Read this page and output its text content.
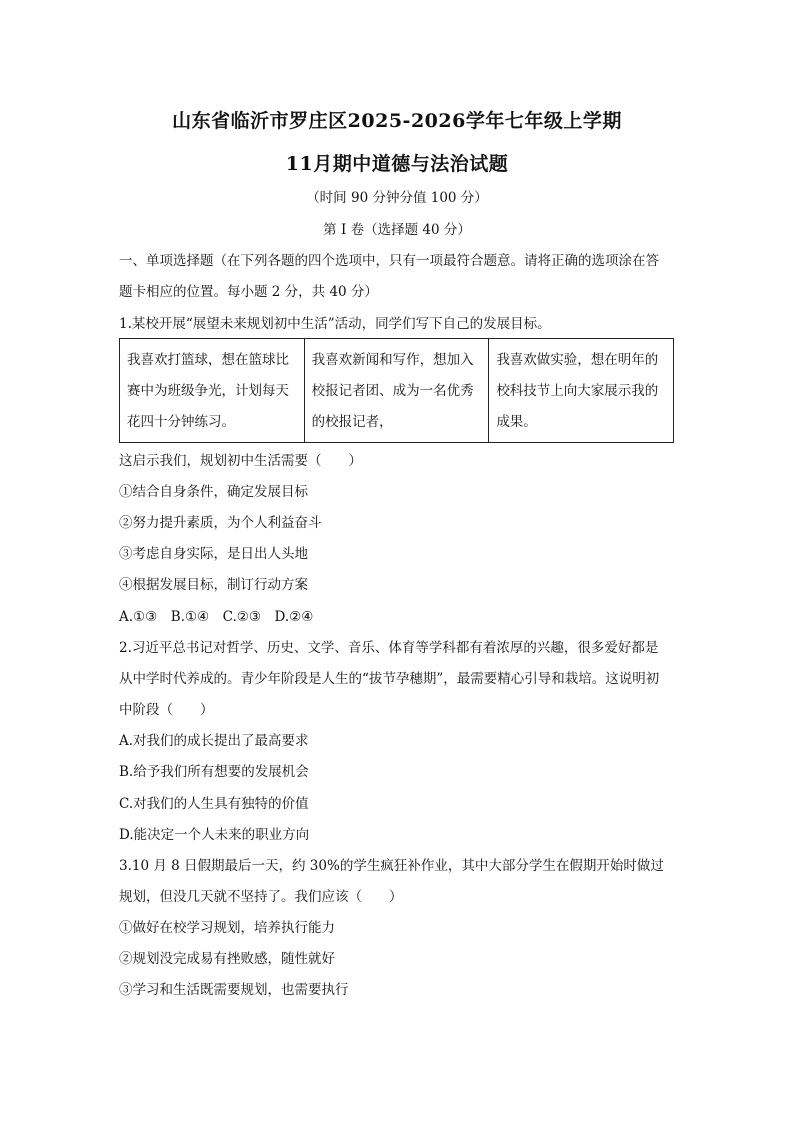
山东省临沂市罗庄区2025-2026学年七年级上学期
11月期中道德与法治试题
（时间 90 分钟分值 100 分）
第 I 卷（选择题 40 分）
一、单项选择题（在下列各题的四个选项中，只有一项最符合题意。请将正确的选项涂在答
题卡相应的位置。每小题 2 分，共 40 分）
1.某校开展“展望未来规划初中生活”活动，同学们写下自己的发展目标。
我喜欢打篮球，想在篮球比
赛中为班级争光，计划每天
花四十分钟练习。

我喜欢新闻和写作，想加入
校报记者团、成为一名优秀
的校报记者，

我喜欢做实验，想在明年的
校科技节上向大家展示我的
成果。
这启示我们，规划初中生活需要（　　）
①结合自身条件，确定发展目标
②努力提升素质，为个人利益奋斗
③考虑自身实际，是日出人头地
④根据发展目标，制订行动方案
A.①③　B.①④　C.②③　D.②④
2.习近平总书记对哲学、历史、文学、音乐、体育等学科都有着浓厚的兴趣，很多爱好都是
从中学时代养成的。青少年阶段是人生的“拔节孕穗期”，最需要精心引导和栽培。这说明初
中阶段（　　）
A.对我们的成长提出了最高要求
B.给予我们所有想要的发展机会
C.对我们的人生具有独特的价值
D.能决定一个人未来的职业方向
3.10 月 8 日假期最后一天，约 30%的学生疯狂补作业，其中大部分学生在假期开始时做过
规划，但没几天就不坚持了。我们应该（　　）
①做好在校学习规划，培养执行能力
②规划没完成易有挫败感，随性就好
③学习和生活既需要规划，也需要执行
